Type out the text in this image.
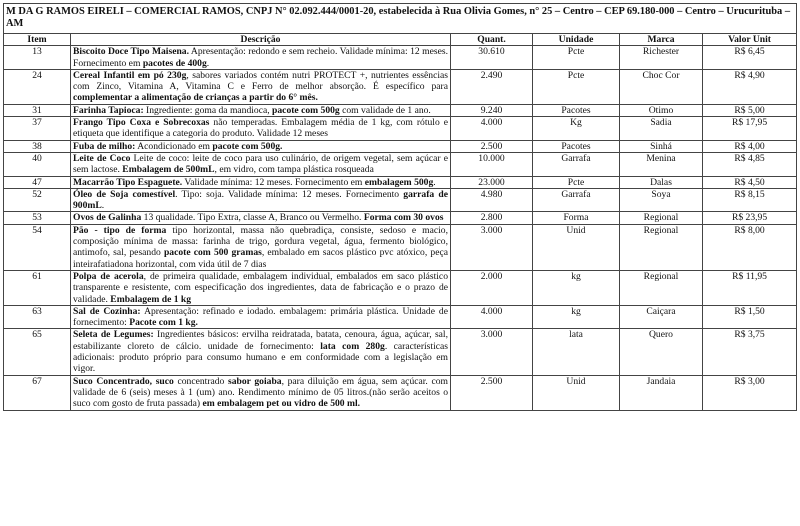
M DA G RAMOS EIRELI – COMERCIAL RAMOS, CNPJ N° 02.092.444/0001-20, estabelecida à Rua Olivia Gomes, n° 25 – Centro – CEP 69.180-000 – Centro – Urucurituba – AM					
Item	Descrição	Quant.	Unidade	Marca	Valor Unit
13	Biscoito Doce Tipo Maisena. Apresentação: redondo e sem recheio. Validade mínima: 12 meses. Fornecimento em pacotes de 400g.	30.610	Pcte	Richester	R$ 6,45
24	Cereal Infantil em pó 230g, sabores variados contém nutri PROTECT +, nutrientes essências com Zinco, Vitamina A, Vitamina C e Ferro de melhor absorção. É específico para complementar a alimentação de crianças a partir do 6° mês.	2.490	Pcte	Choc Cor	R$ 4,90
31	Farinha Tapioca: Ingrediente: goma da mandioca, pacote com 500g com validade de 1 ano.	9.240	Pacotes	Otimo	R$ 5,00
37	Frango Tipo Coxa e Sobrecoxas não temperadas. Embalagem média de 1 kg, com rótulo e etiqueta que identifique a categoria do produto. Validade 12 meses	4.000	Kg	Sadia	R$ 17,95
38	Fuba de milho: Acondicionado em pacote com 500g.	2.500	Pacotes	Sinhá	R$ 4,00
40	Leite de Coco Leite de coco: leite de coco para uso culinário, de origem vegetal, sem açúcar e sem lactose. Embalagem de 500mL, em vidro, com tampa plástica rosqueada	10.000	Garrafa	Menina	R$ 4,85
47	Macarrão Tipo Espaguete. Validade mínima: 12 meses. Fornecimento em embalagem 500g.	23.000	Pcte	Dalas	R$ 4,50
52	Óleo de Soja comestível. Tipo: soja. Validade mínima: 12 meses. Fornecimento garrafa de 900mL.	4.980	Garrafa	Soya	R$ 8,15
53	Ovos de Galinha 13 qualidade. Tipo Extra, classe A, Branco ou Vermelho. Forma com 30 ovos	2.800	Forma	Regional	R$ 23,95
54	Pão - tipo de forma tipo horizontal, massa não quebradiça, consiste, sedoso e macio, composição mínima de massa: farinha de trigo, gordura vegetal, água, fermento biológico, antimofo, sal, pesando pacote com 500 gramas, embalado em sacos plástico pvc atóxico, peça inteirafatiadona horizontal, com vida útil de 7 dias	3.000	Unid	Regional	R$ 8,00
61	Polpa de acerola, de primeira qualidade, embalagem individual, embalados em saco plástico transparente e resistente, com especificação dos ingredientes, data de fabricação e o prazo de validade. Embalagem de 1 kg	2.000	kg	Regional	R$ 11,95
63	Sal de Cozinha: Apresentação: refinado e iodado. embalagem: primária plástica. Unidade de fornecimento: Pacote com 1 kg.	4.000	kg	Caiçara	R$ 1,50
65	Seleta de Legumes: Ingredientes básicos: ervilha reidratada, batata, cenoura, água, açúcar, sal, estabilizante cloreto de cálcio. unidade de fornecimento: lata com 280g. características adicionais: produto próprio para consumo humano e em conformidade com a legislação em vigor.	3.000	lata	Quero	R$ 3,75
67	Suco Concentrado, suco concentrado sabor goiaba, para diluição em água, sem açúcar. com validade de 6 (seis) meses à 1 (um) ano. Rendimento mínimo de 05 litros.(não serão aceitos o suco com gosto de fruta passada) em embalagem pet ou vidro de 500 ml.	2.500	Unid	Jandaia	R$ 3,00
